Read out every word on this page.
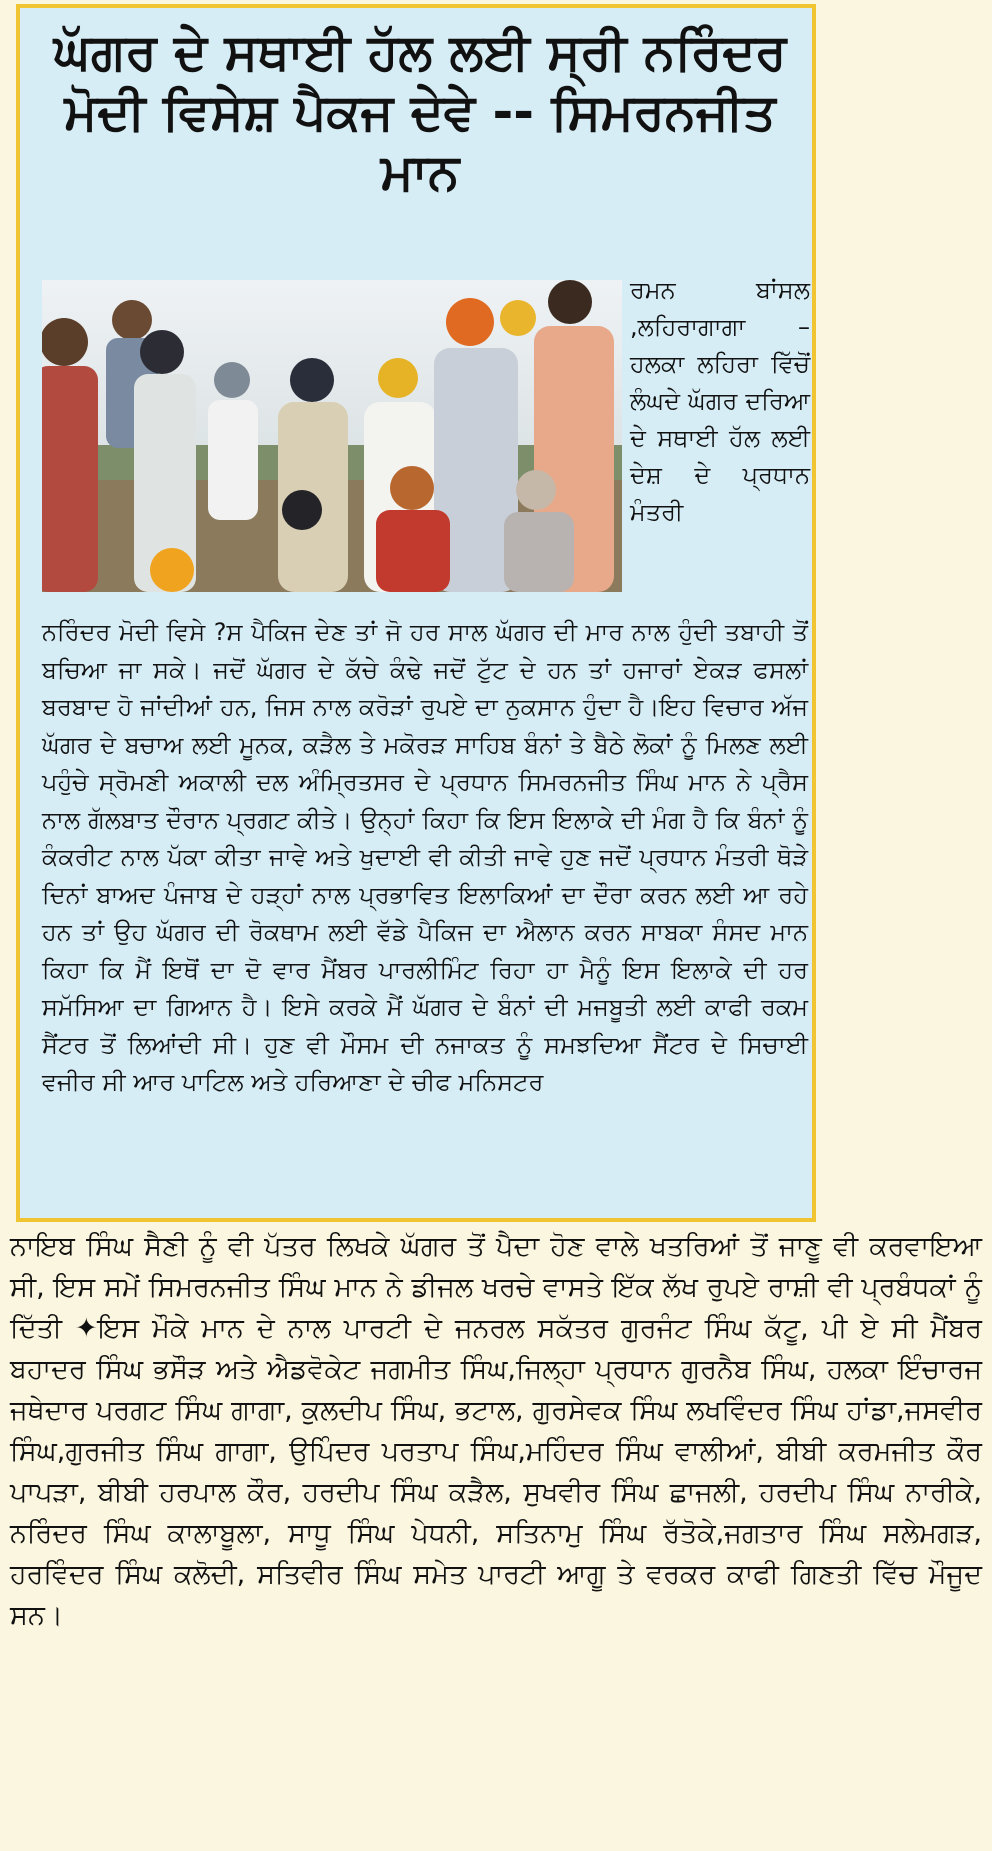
ਘੱਗਰ ਦੇ ਸਥਾਈ ਹੱਲ ਲਈ ਸ੍ਰੀ ਨਰਿੰਦਰ ਮੋਦੀ ਵਿਸੇਸ਼ ਪੈਕਜ ਦੇਵੇ -- ਸਿਮਰਨਜੀਤ ਮਾਨ

ਰਮਨ ਬਾਂਸਲ ,ਲਹਿਰਾਗਾਗਾ – ਹਲਕਾ ਲਹਿਰਾ ਵਿੱਚੋਂ ਲੰਘਦੇ ਘੱਗਰ ਦਰਿਆ ਦੇ ਸਥਾਈ ਹੱਲ ਲਈ ਦੇਸ਼ ਦੇ ਪ੍ਰਧਾਨ ਮੰਤਰੀ

ਨਰਿੰਦਰ ਮੋਦੀ ਵਿਸੇ ?ਸ ਪੈਕਿਜ ਦੇਣ ਤਾਂ ਜੋ ਹਰ ਸਾਲ ਘੱਗਰ ਦੀ ਮਾਰ ਨਾਲ ਹੁੰਦੀ ਤਬਾਹੀ ਤੋਂ ਬਚਿਆ ਜਾ ਸਕੇ। ਜਦੋਂ ਘੱਗਰ ਦੇ ਕੱਚੇ ਕੰਢੇ ਜਦੋਂ ਟੁੱਟ ਦੇ ਹਨ ਤਾਂ ਹਜਾਰਾਂ ਏਕੜ ਫਸਲਾਂ ਬਰਬਾਦ ਹੋ ਜਾਂਦੀਆਂ ਹਨ, ਜਿਸ ਨਾਲ ਕਰੋੜਾਂ ਰੁਪਏ ਦਾ ਨੁਕਸਾਨ ਹੁੰਦਾ ਹੈ।ਇਹ ਵਿਚਾਰ ਅੱਜ ਘੱਗਰ ਦੇ ਬਚਾਅ ਲਈ ਮੂਨਕ, ਕੜੈਲ ਤੇ ਮਕੋਰੜ ਸਾਹਿਬ ਬੰਨਾਂ ਤੇ ਬੈਠੇ ਲੋਕਾਂ ਨੂੰ ਮਿਲਣ ਲਈ ਪਹੁੰਚੇ ਸ੍ਰੋਮਣੀ ਅਕਾਲੀ ਦਲ ਅੰਮ੍ਰਿਤਸਰ ਦੇ ਪ੍ਰਧਾਨ ਸਿਮਰਨਜੀਤ ਸਿੰਘ ਮਾਨ ਨੇ ਪ੍ਰੈਸ ਨਾਲ ਗੱਲਬਾਤ ਦੌਰਾਨ ਪ੍ਰਗਟ ਕੀਤੇ। ਉਨ੍ਹਾਂ ਕਿਹਾ ਕਿ ਇਸ ਇਲਾਕੇ ਦੀ ਮੰਗ ਹੈ ਕਿ ਬੰਨਾਂ ਨੂੰ ਕੰਕਰੀਟ ਨਾਲ ਪੱਕਾ ਕੀਤਾ ਜਾਵੇ ਅਤੇ ਖੁਦਾਈ ਵੀ ਕੀਤੀ ਜਾਵੇ ਹੁਣ ਜਦੋਂ ਪ੍ਰਧਾਨ ਮੰਤਰੀ ਥੋੜੇ ਦਿਨਾਂ ਬਾਅਦ ਪੰਜਾਬ ਦੇ ਹੜ੍ਹਾਂ ਨਾਲ ਪ੍ਰਭਾਵਿਤ ਇਲਾਕਿਆਂ ਦਾ ਦੌਰਾ ਕਰਨ ਲਈ ਆ ਰਹੇ ਹਨ ਤਾਂ ਉਹ ਘੱਗਰ ਦੀ ਰੋਕਥਾਮ ਲਈ ਵੱਡੇ ਪੈਕਿਜ ਦਾ ਐਲਾਨ ਕਰਨ ਸਾਬਕਾ ਸੰਸਦ ਮਾਨ ਕਿਹਾ ਕਿ ਮੈਂ ਇਥੋਂ ਦਾ ਦੋ ਵਾਰ ਮੈਂਬਰ ਪਾਰਲੀਮਿੰਟ ਰਿਹਾ ਹਾ ਮੈਨੂੰ ਇਸ ਇਲਾਕੇ ਦੀ ਹਰ ਸਮੱਸਿਆ ਦਾ ਗਿਆਨ ਹੈ। ਇਸੇ ਕਰਕੇ ਮੈਂ ਘੱਗਰ ਦੇ ਬੰਨਾਂ ਦੀ ਮਜਬੂਤੀ ਲਈ ਕਾਫੀ ਰਕਮ ਸੈਂਟਰ ਤੋਂ ਲਿਆਂਦੀ ਸੀ। ਹੁਣ ਵੀ ਮੌਸਮ ਦੀ ਨਜਾਕਤ ਨੂੰ ਸਮਝਦਿਆ ਸੈਂਟਰ ਦੇ ਸਿਚਾਈ ਵਜੀਰ ਸੀ ਆਰ ਪਾਟਿਲ ਅਤੇ ਹਰਿਆਣਾ ਦੇ ਚੀਫ ਮਨਿਸਟਰ

ਨਾਇਬ ਸਿੰਘ ਸੈਣੀ ਨੂੰ ਵੀ ਪੱਤਰ ਲਿਖਕੇ ਘੱਗਰ ਤੋਂ ਪੈਦਾ ਹੋਣ ਵਾਲੇ ਖਤਰਿਆਂ ਤੋਂ ਜਾਣੂ ਵੀ ਕਰਵਾਇਆ ਸੀ, ਇਸ ਸਮੇਂ ਸਿਮਰਨਜੀਤ ਸਿੰਘ ਮਾਨ ਨੇ ਡੀਜਲ ਖਰਚੇ ਵਾਸਤੇ ਇੱਕ ਲੱਖ ਰੁਪਏ ਰਾਸ਼ੀ ਵੀ ਪ੍ਰਬੰਧਕਾਂ ਨੂੰ ਦਿੱਤੀ ✦ਇਸ ਮੌਕੇ ਮਾਨ ਦੇ ਨਾਲ ਪਾਰਟੀ ਦੇ ਜਨਰਲ ਸਕੱਤਰ ਗੁਰਜੰਟ ਸਿੰਘ ਕੱਟੂ, ਪੀ ਏ ਸੀ ਮੈਂਬਰ ਬਹਾਦਰ ਸਿੰਘ ਭਸੌੜ ਅਤੇ ਐਡਵੋਕੇਟ ਜਗਮੀਤ ਸਿੰਘ,ਜਿਲ੍ਹਾ ਪ੍ਰਧਾਨ ਗੁਰਨੈਬ ਸਿੰਘ, ਹਲਕਾ ਇੰਚਾਰਜ ਜਥੇਦਾਰ ਪਰਗਟ ਸਿੰਘ ਗਾਗਾ, ਕੁਲਦੀਪ ਸਿੰਘ, ਭਟਾਲ, ਗੁਰਸੇਵਕ ਸਿੰਘ ਲਖਵਿੰਦਰ ਸਿੰਘ ਹਾਂਡਾ,ਜਸਵੀਰ ਸਿੰਘ,ਗੁਰਜੀਤ ਸਿੰਘ ਗਾਗਾ, ਉਪਿੰਦਰ ਪਰਤਾਪ ਸਿੰਘ,ਮਹਿੰਦਰ ਸਿੰਘ ਵਾਲੀਆਂ, ਬੀਬੀ ਕਰਮਜੀਤ ਕੌਰ ਪਾਪੜਾ, ਬੀਬੀ ਹਰਪਾਲ ਕੌਰ, ਹਰਦੀਪ ਸਿੰਘ ਕੜੈਲ, ਸੁਖਵੀਰ ਸਿੰਘ ਛਾਜਲੀ, ਹਰਦੀਪ ਸਿੰਘ ਨਾਰੀਕੇ, ਨਰਿੰਦਰ ਸਿੰਘ ਕਾਲਾਬੂਲਾ, ਸਾਧੂ ਸਿੰਘ ਪੇਧਨੀ, ਸਤਿਨਾਮੁ ਸਿੰਘ ਰੱਤੋਕੇ,ਜਗਤਾਰ ਸਿੰਘ ਸਲੇਮਗੜ, ਹਰਵਿੰਦਰ ਸਿੰਘ ਕਲੋਦੀ, ਸਤਿਵੀਰ ਸਿੰਘ ਸਮੇਤ ਪਾਰਟੀ ਆਗੂ ਤੇ ਵਰਕਰ ਕਾਫੀ ਗਿਣਤੀ ਵਿੱਚ ਮੌਜੂਦ ਸਨ।
